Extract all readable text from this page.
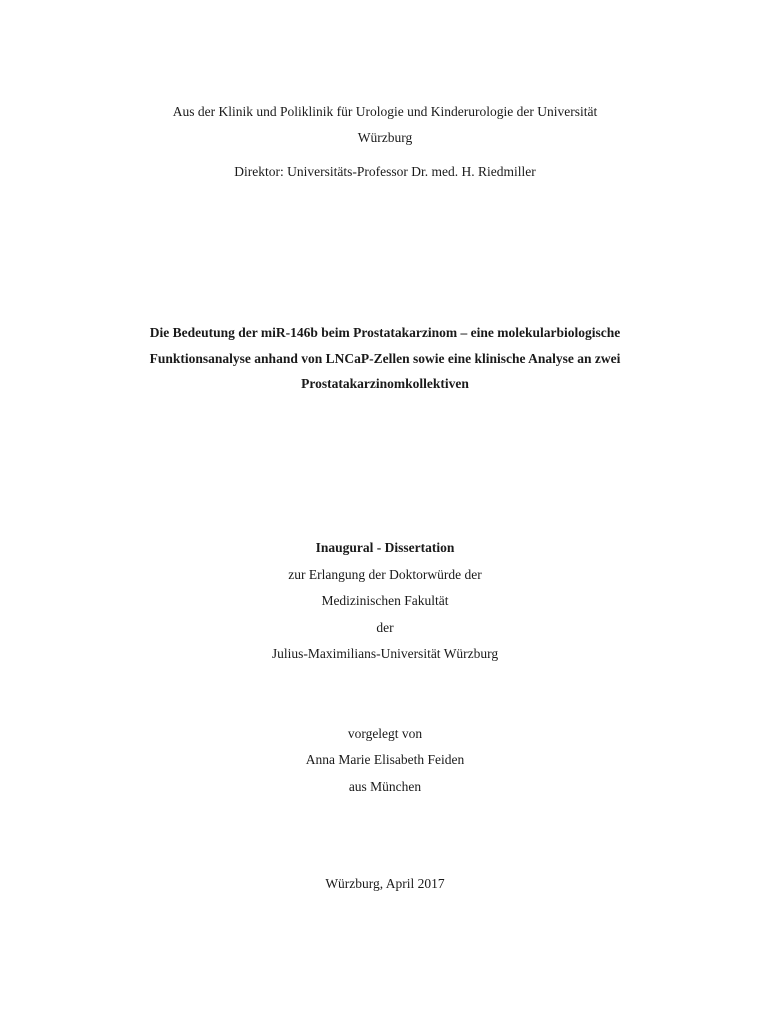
Aus der Klinik und Poliklinik für Urologie und Kinderurologie der Universität
Würzburg
Direktor: Universitäts-Professor Dr. med. H. Riedmiller
Die Bedeutung der miR-146b beim Prostatakarzinom – eine molekularbiologische
Funktionsanalyse anhand von LNCaP-Zellen sowie eine klinische Analyse an zwei
Prostatakarzinomkollektiven
Inaugural - Dissertation
zur Erlangung der Doktorwürde der
Medizinischen Fakultät
der
Julius-Maximilians-Universität Würzburg
vorgelegt von
Anna Marie Elisabeth Feiden
aus München
Würzburg, April 2017
